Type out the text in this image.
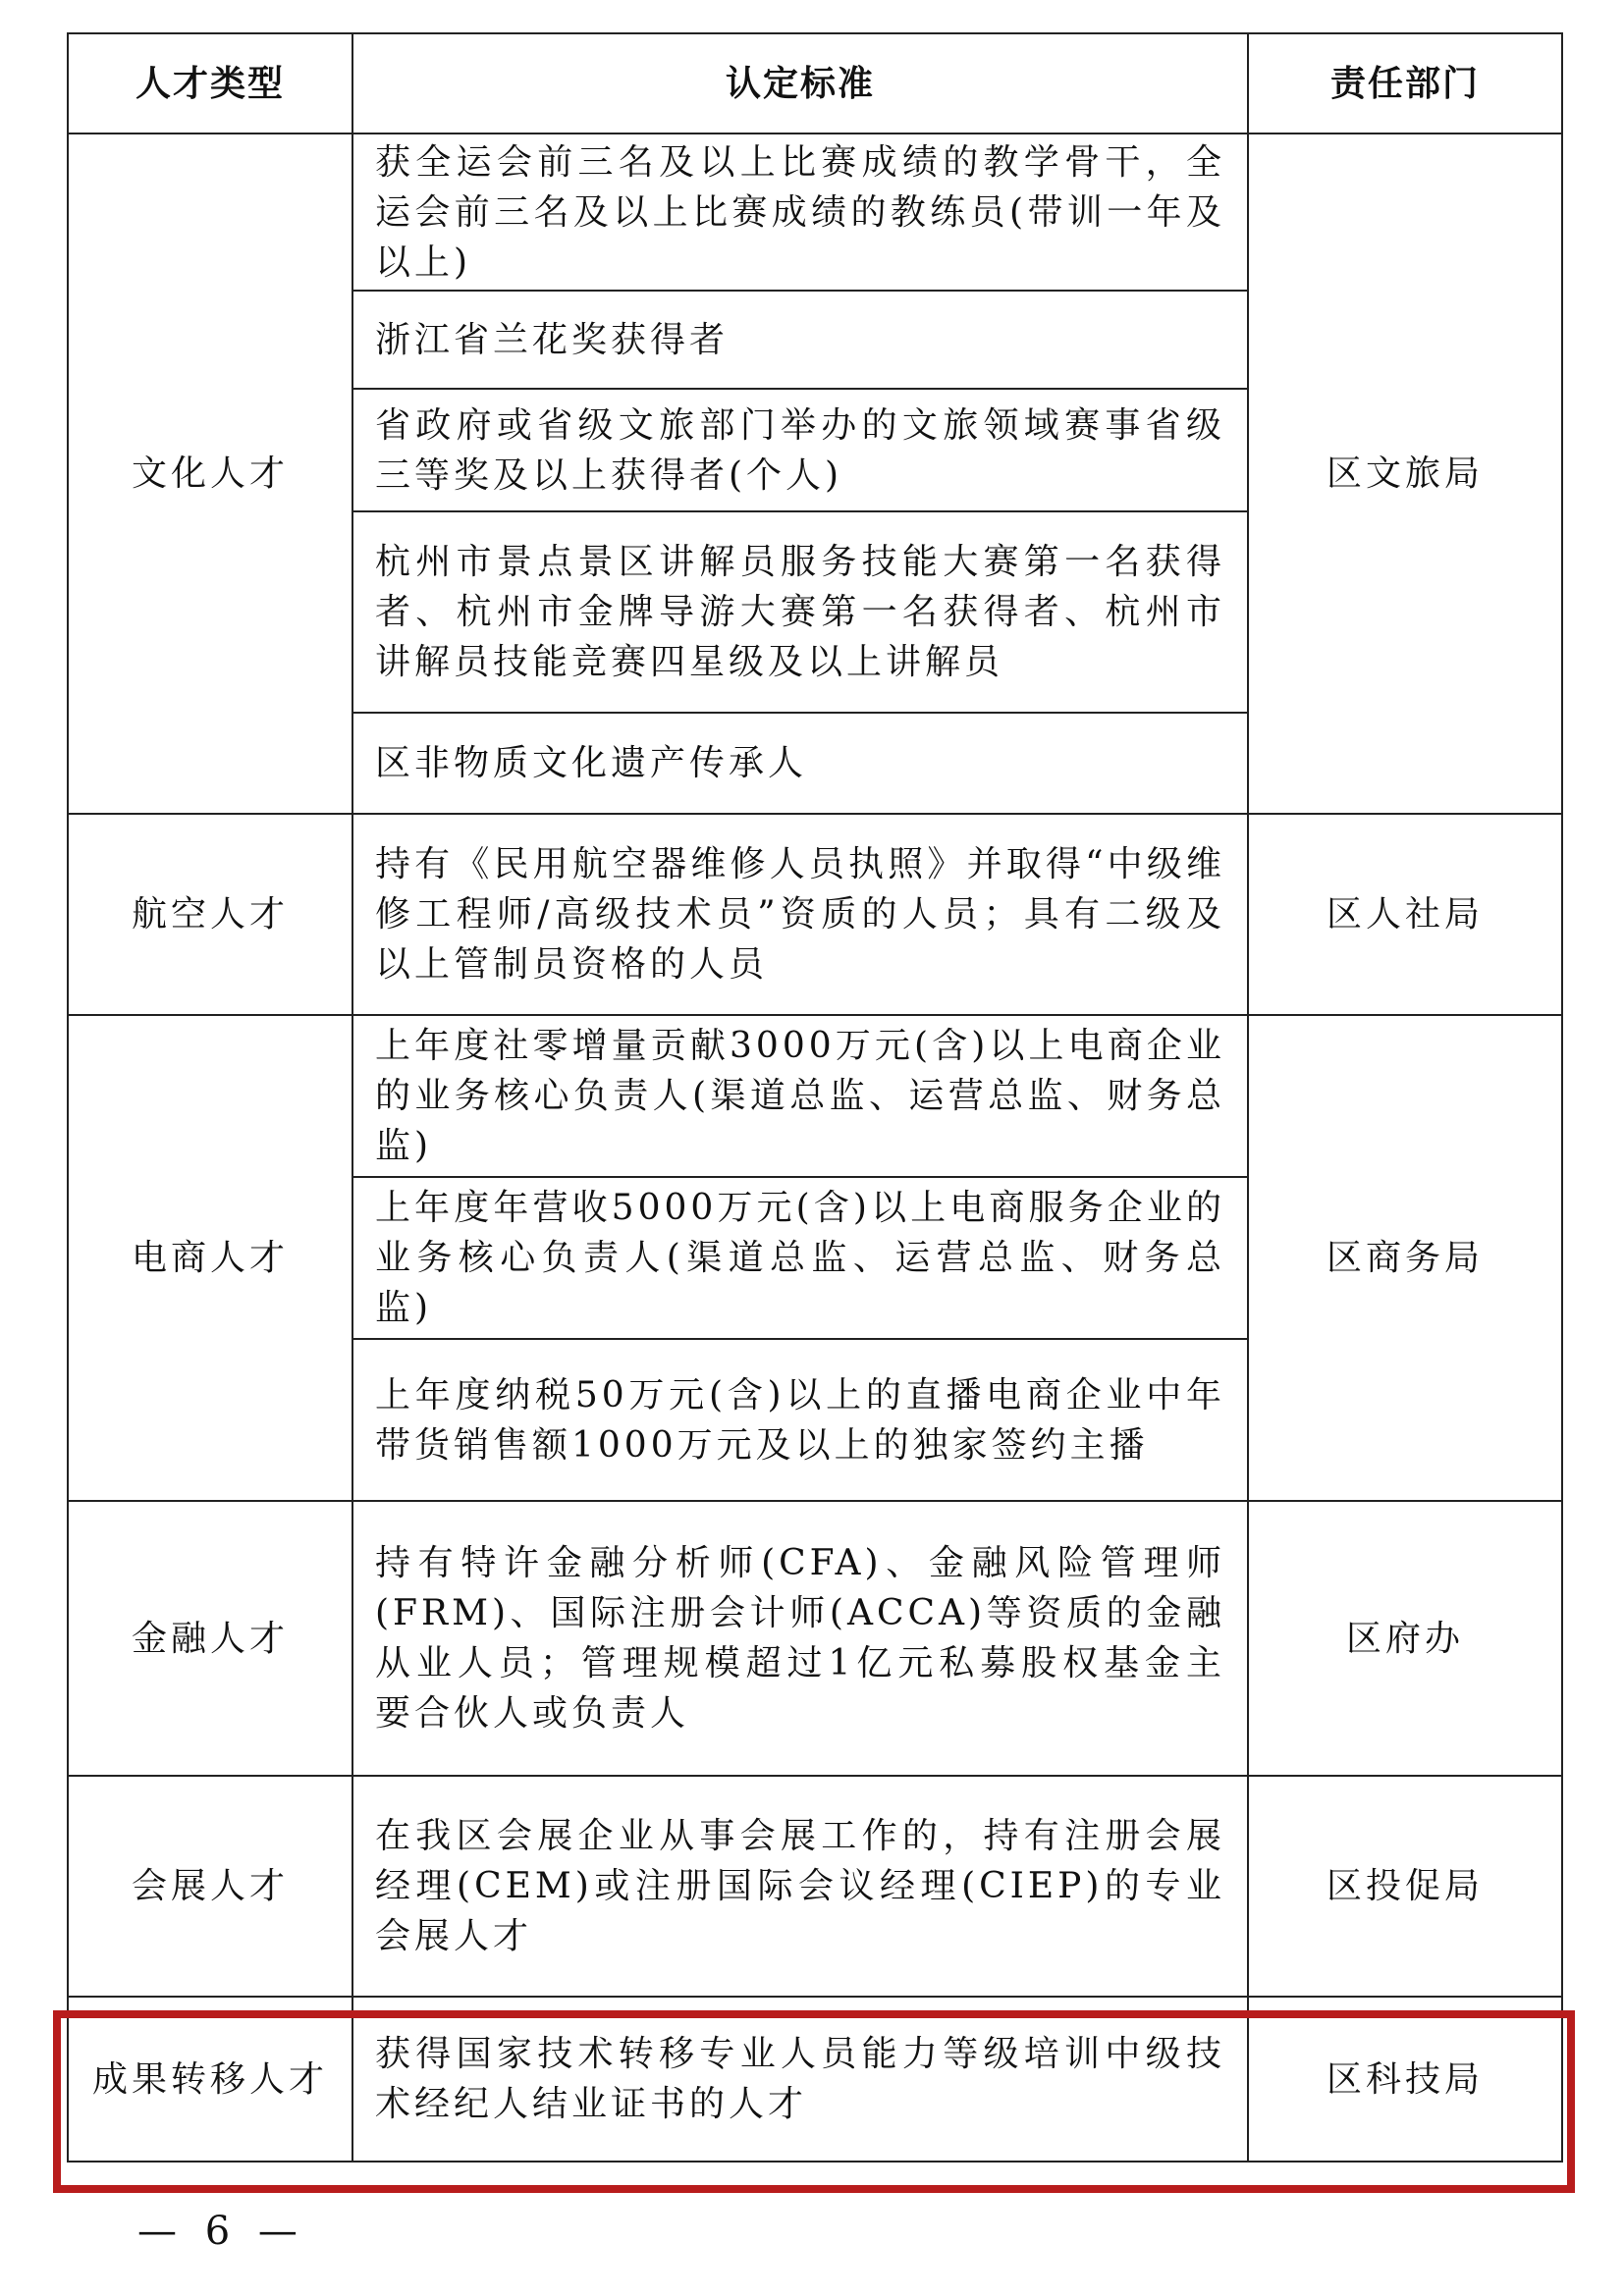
人才类型	认定标准	责任部门
文化人才	获全运会前三名及以上比赛成绩的教学骨干，全运会前三名及以上比赛成绩的教练员(带训一年及以上)	区文旅局
	浙江省兰花奖获得者	
	省政府或省级文旅部门举办的文旅领域赛事省级三等奖及以上获得者(个人)	
	杭州市景点景区讲解员服务技能大赛第一名获得者、杭州市金牌导游大赛第一名获得者、杭州市讲解员技能竞赛四星级及以上讲解员	
	区非物质文化遗产传承人	
航空人才	持有《民用航空器维修人员执照》并取得“中级维修工程师/高级技术员”资质的人员；具有二级及以上管制员资格的人员	区人社局
电商人才	上年度社零增量贡献3000万元(含)以上电商企业的业务核心负责人(渠道总监、运营总监、财务总监)	区商务局
	上年度年营收5000万元(含)以上电商服务企业的业务核心负责人(渠道总监、运营总监、财务总监)	
	上年度纳税50万元(含)以上的直播电商企业中年带货销售额1000万元及以上的独家签约主播	
金融人才	持有特许金融分析师(CFA)、金融风险管理师(FRM)、国际注册会计师(ACCA)等资质的金融从业人员；管理规模超过1亿元私募股权基金主要合伙人或负责人	区府办
会展人才	在我区会展企业从事会展工作的，持有注册会展经理(CEM)或注册国际会议经理(CIEP)的专业会展人才	区投促局
成果转移人才	获得国家技术转移专业人员能力等级培训中级技术经纪人结业证书的人才	区科技局
— 6 —
